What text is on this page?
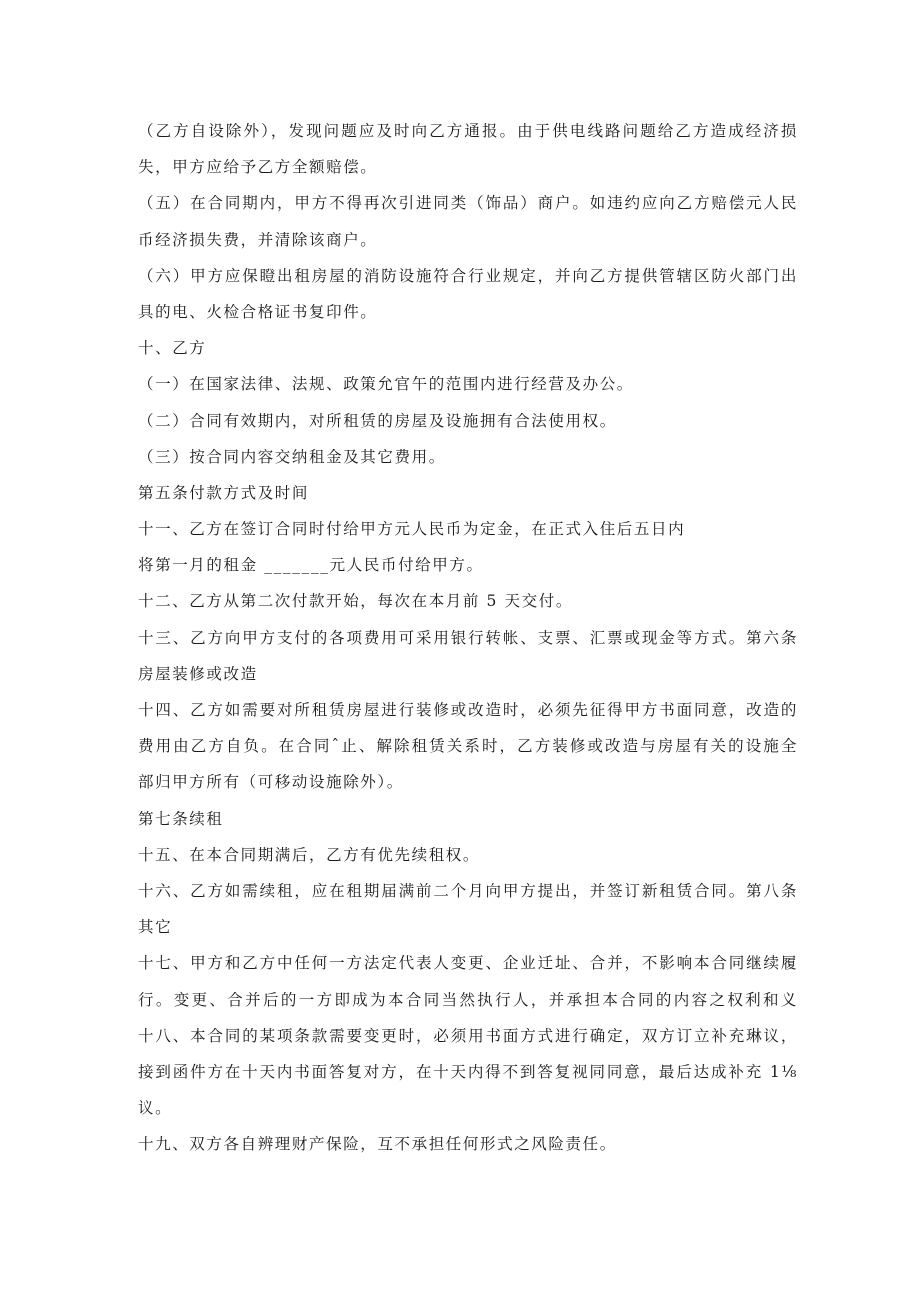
（乙方自设除外），发现问题应及时向乙方通报。由于供电线路问题给乙方造成经济损
失，甲方应给予乙方全额赔偿。
（五）在合同期内，甲方不得再次引进同类（饰品）商户。如违约应向乙方赔偿元人民
币经济损失费，并清除该商户。
（六）甲方应保瞪出租房屋的消防设施符合行业规定，并向乙方提供管辖区防火部门出
具的电、火检合格证书复印件。
十、乙方
（一）在国家法律、法规、政策允官午的范围内进行经营及办公。
（二）合同有效期内，对所租赁的房屋及设施拥有合法使用权。
（三）按合同内容交纳租金及其它费用。
第五条付款方式及时间
十一、乙方在签订合同时付给甲方元人民币为定金，在正式入住后五日内
将第一月的租金 _______元人民币付给甲方。
十二、乙方从第二次付款开始，每次在本月前 5 天交付。
十三、乙方向甲方支付的各项费用可采用银行转帐、支票、汇票或现金等方式。第六条
房屋装修或改造
十四、乙方如需要对所租赁房屋进行装修或改造时，必须先征得甲方书面同意，改造的
费用由乙方自负。在合同ˆ止、解除租赁关系时，乙方装修或改造与房屋有关的设施全
部归甲方所有（可移动设施除外）。
第七条续租
十五、在本合同期满后，乙方有优先续租权。
十六、乙方如需续租，应在租期届满前二个月向甲方提出，并签订新租赁合同。第八条
其它
十七、甲方和乙方中任何一方法定代表人变更、企业迁址、合并，不影响本合同继续履
行。变更、合并后的一方即成为本合同当然执行人，并承担本合同的内容之权利和义
十八、本合同的某项条款需要变更时，必须用书面方式进行确定，双方订立补充琳议，
接到函件方在十天内书面答复对方，在十天内得不到答复视同同意，最后达成补充 1⅛
议。
十九、双方各自辨理财产保险，互不承担任何形式之风险责任。
